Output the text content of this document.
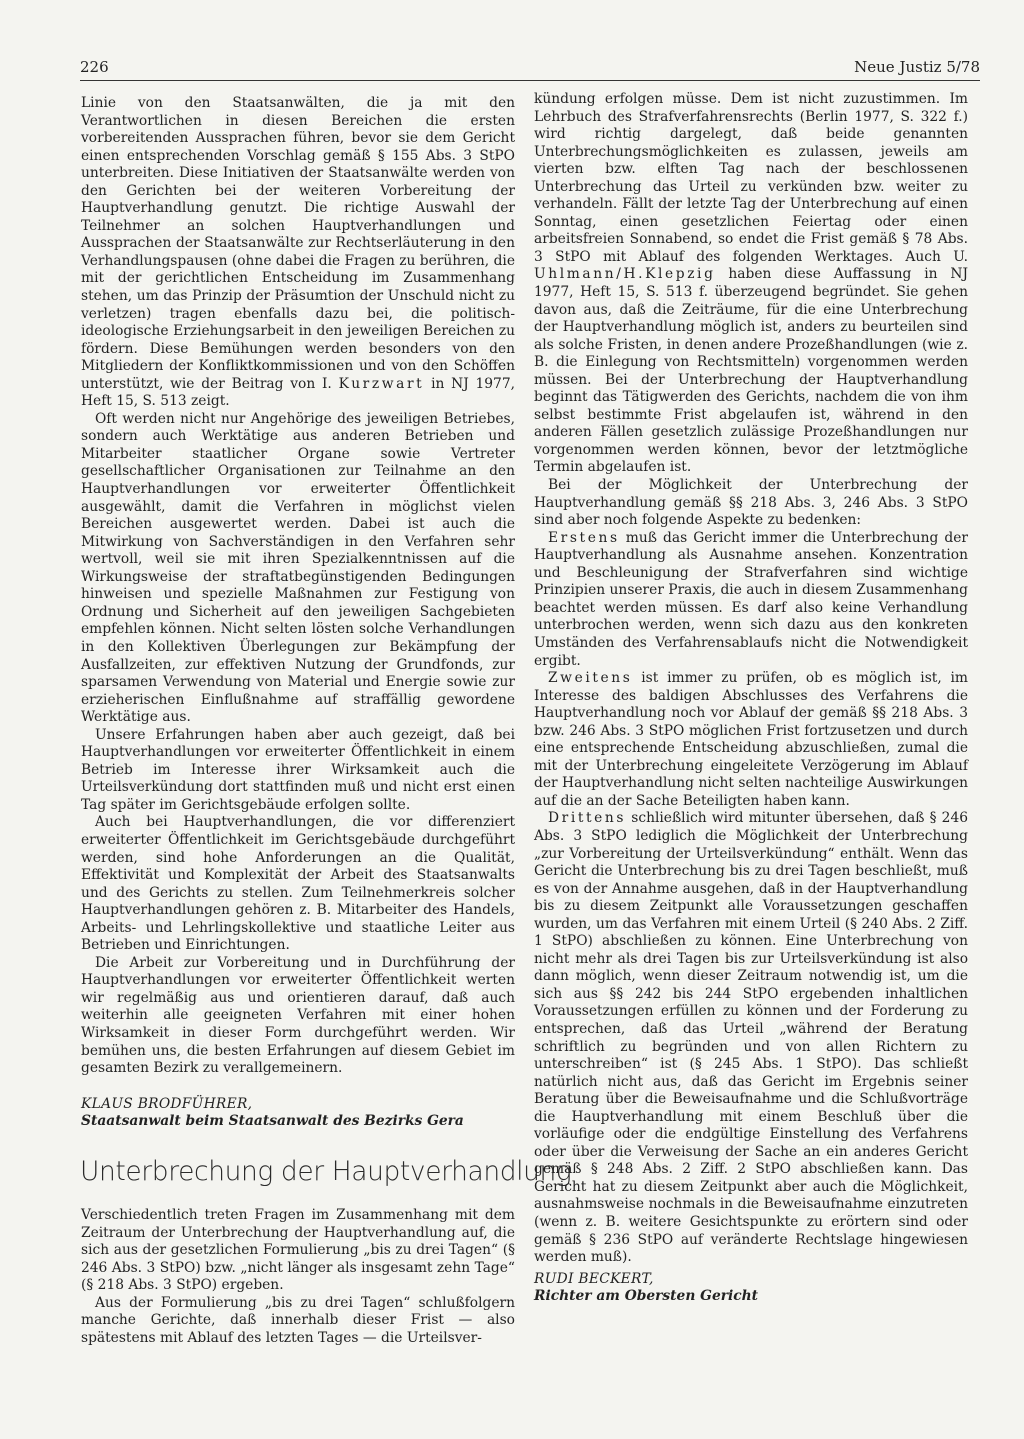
226	Neue Justiz 5/78

Linie von den Staatsanwälten, die ja mit den Verantwortlichen in diesen Bereichen die ersten vorbereitenden Aussprachen führen, bevor sie dem Gericht einen entsprechenden Vorschlag gemäß § 155 Abs. 3 StPO unterbreiten. Diese Initiativen der Staatsanwälte werden von den Gerichten bei der weiteren Vorbereitung der Hauptverhandlung genutzt. Die richtige Auswahl der Teilnehmer an solchen Hauptverhandlungen und Aussprachen der Staatsanwälte zur Rechtserläuterung in den Verhandlungspausen (ohne dabei die Fragen zu berühren, die mit der gerichtlichen Entscheidung im Zusammenhang stehen, um das Prinzip der Präsumtion der Unschuld nicht zu verletzen) tragen ebenfalls dazu bei, die politisch-ideologische Erziehungsarbeit in den jeweiligen Bereichen zu fördern. Diese Bemühungen werden besonders von den Mitgliedern der Konfliktkommissionen und von den Schöffen unterstützt, wie der Beitrag von I. Kurzwart in NJ 1977, Heft 15, S. 513 zeigt.

Oft werden nicht nur Angehörige des jeweiligen Betriebes, sondern auch Werktätige aus anderen Betrieben und Mitarbeiter staatlicher Organe sowie Vertreter gesellschaftlicher Organisationen zur Teilnahme an den Hauptverhandlungen vor erweiterter Öffentlichkeit ausgewählt, damit die Verfahren in möglichst vielen Bereichen ausgewertet werden. Dabei ist auch die Mitwirkung von Sachverständigen in den Verfahren sehr wertvoll, weil sie mit ihren Spezialkenntnissen auf die Wirkungsweise der straftatbegünstigenden Bedingungen hinweisen und spezielle Maßnahmen zur Festigung von Ordnung und Sicherheit auf den jeweiligen Sachgebieten empfehlen können. Nicht selten lösten solche Verhandlungen in den Kollektiven Überlegungen zur Bekämpfung der Ausfallzeiten, zur effektiven Nutzung der Grundfonds, zur sparsamen Verwendung von Material und Energie sowie zur erzieherischen Einflußnahme auf straffällig gewordene Werktätige aus.

Unsere Erfahrungen haben aber auch gezeigt, daß bei Hauptverhandlungen vor erweiterter Öffentlichkeit in einem Betrieb im Interesse ihrer Wirksamkeit auch die Urteilsverkündung dort stattfinden muß und nicht erst einen Tag später im Gerichtsgebäude erfolgen sollte.

Auch bei Hauptverhandlungen, die vor differenziert erweiterter Öffentlichkeit im Gerichtsgebäude durchgeführt werden, sind hohe Anforderungen an die Qualität, Effektivität und Komplexität der Arbeit des Staatsanwalts und des Gerichts zu stellen. Zum Teilnehmerkreis solcher Hauptverhandlungen gehören z. B. Mitarbeiter des Handels, Arbeits- und Lehrlingskollektive und staatliche Leiter aus Betrieben und Einrichtungen.

Die Arbeit zur Vorbereitung und in Durchführung der Hauptverhandlungen vor erweiterter Öffentlichkeit werten wir regelmäßig aus und orientieren darauf, daß auch weiterhin alle geeigneten Verfahren mit einer hohen Wirksamkeit in dieser Form durchgeführt werden. Wir bemühen uns, die besten Erfahrungen auf diesem Gebiet im gesamten Bezirk zu verallgemeinern.

KLAUS BRODFÜHRER,
Staatsanwalt beim Staatsanwalt des Bezirks Gera
Unterbrechung der Hauptverhandlung

Verschiedentlich treten Fragen im Zusammenhang mit dem Zeitraum der Unterbrechung der Hauptverhandlung auf, die sich aus der gesetzlichen Formulierung „bis zu drei Tagen“ (§ 246 Abs. 3 StPO) bzw. „nicht länger als insgesamt zehn Tage“ (§ 218 Abs. 3 StPO) ergeben.

Aus der Formulierung „bis zu drei Tagen“ schlußfolgern manche Gerichte, daß innerhalb dieser Frist — also spätestens mit Ablauf des letzten Tages — die Urteilsver-

kündung erfolgen müsse. Dem ist nicht zuzustimmen. Im Lehrbuch des Strafverfahrensrechts (Berlin 1977, S. 322 f.) wird richtig dargelegt, daß beide genannten Unterbrechungsmöglichkeiten es zulassen, jeweils am vierten bzw. elften Tag nach der beschlossenen Unterbrechung das Urteil zu verkünden bzw. weiter zu verhandeln. Fällt der letzte Tag der Unterbrechung auf einen Sonntag, einen gesetzlichen Feiertag oder einen arbeitsfreien Sonnabend, so endet die Frist gemäß § 78 Abs. 3 StPO mit Ablauf des folgenden Werktages. Auch U. Uhlmann/H.Klepzig haben diese Auffassung in NJ 1977, Heft 15, S. 513 f. überzeugend begründet. Sie gehen davon aus, daß die Zeiträume, für die eine Unterbrechung der Hauptverhandlung möglich ist, anders zu beurteilen sind als solche Fristen, in denen andere Prozeßhandlungen (wie z. B. die Einlegung von Rechtsmitteln) vorgenommen werden müssen. Bei der Unterbrechung der Hauptverhandlung beginnt das Tätigwerden des Gerichts, nachdem die von ihm selbst bestimmte Frist abgelaufen ist, während in den anderen Fällen gesetzlich zulässige Prozeßhandlungen nur vorgenommen werden können, bevor der letztmögliche Termin abgelaufen ist.

Bei der Möglichkeit der Unterbrechung der Hauptverhandlung gemäß §§ 218 Abs. 3, 246 Abs. 3 StPO sind aber noch folgende Aspekte zu bedenken:

Erstens muß das Gericht immer die Unterbrechung der Hauptverhandlung als Ausnahme ansehen. Konzentration und Beschleunigung der Strafverfahren sind wichtige Prinzipien unserer Praxis, die auch in diesem Zusammenhang beachtet werden müssen. Es darf also keine Verhandlung unterbrochen werden, wenn sich dazu aus den konkreten Umständen des Verfahrensablaufs nicht die Notwendigkeit ergibt.

Zweitens ist immer zu prüfen, ob es möglich ist, im Interesse des baldigen Abschlusses des Verfahrens die Hauptverhandlung noch vor Ablauf der gemäß §§ 218 Abs. 3 bzw. 246 Abs. 3 StPO möglichen Frist fortzusetzen und durch eine entsprechende Entscheidung abzuschließen, zumal die mit der Unterbrechung eingeleitete Verzögerung im Ablauf der Hauptverhandlung nicht selten nachteilige Auswirkungen auf die an der Sache Beteiligten haben kann.

Drittens schließlich wird mitunter übersehen, daß § 246 Abs. 3 StPO lediglich die Möglichkeit der Unterbrechung „zur Vorbereitung der Urteilsverkündung“ enthält. Wenn das Gericht die Unterbrechung bis zu drei Tagen beschließt, muß es von der Annahme ausgehen, daß in der Hauptverhandlung bis zu diesem Zeitpunkt alle Voraussetzungen geschaffen wurden, um das Verfahren mit einem Urteil (§ 240 Abs. 2 Ziff. 1 StPO) abschließen zu können. Eine Unterbrechung von nicht mehr als drei Tagen bis zur Urteilsverkündung ist also dann möglich, wenn dieser Zeitraum notwendig ist, um die sich aus §§ 242 bis 244 StPO ergebenden inhaltlichen Voraussetzungen erfüllen zu können und der Forderung zu entsprechen, daß das Urteil „während der Beratung schriftlich zu begründen und von allen Richtern zu unterschreiben“ ist (§ 245 Abs. 1 StPO). Das schließt natürlich nicht aus, daß das Gericht im Ergebnis seiner Beratung über die Beweisaufnahme und die Schlußvorträge die Hauptverhandlung mit einem Beschluß über die vorläufige oder die endgültige Einstellung des Verfahrens oder über die Verweisung der Sache an ein anderes Gericht gemäß § 248 Abs. 2 Ziff. 2 StPO abschließen kann. Das Gericht hat zu diesem Zeitpunkt aber auch die Möglichkeit, ausnahmsweise nochmals in die Beweisaufnahme einzutreten (wenn z. B. weitere Gesichtspunkte zu erörtern sind oder gemäß § 236 StPO auf veränderte Rechtslage hingewiesen werden muß).

RUDI BECKERT,
Richter am Obersten Gericht
